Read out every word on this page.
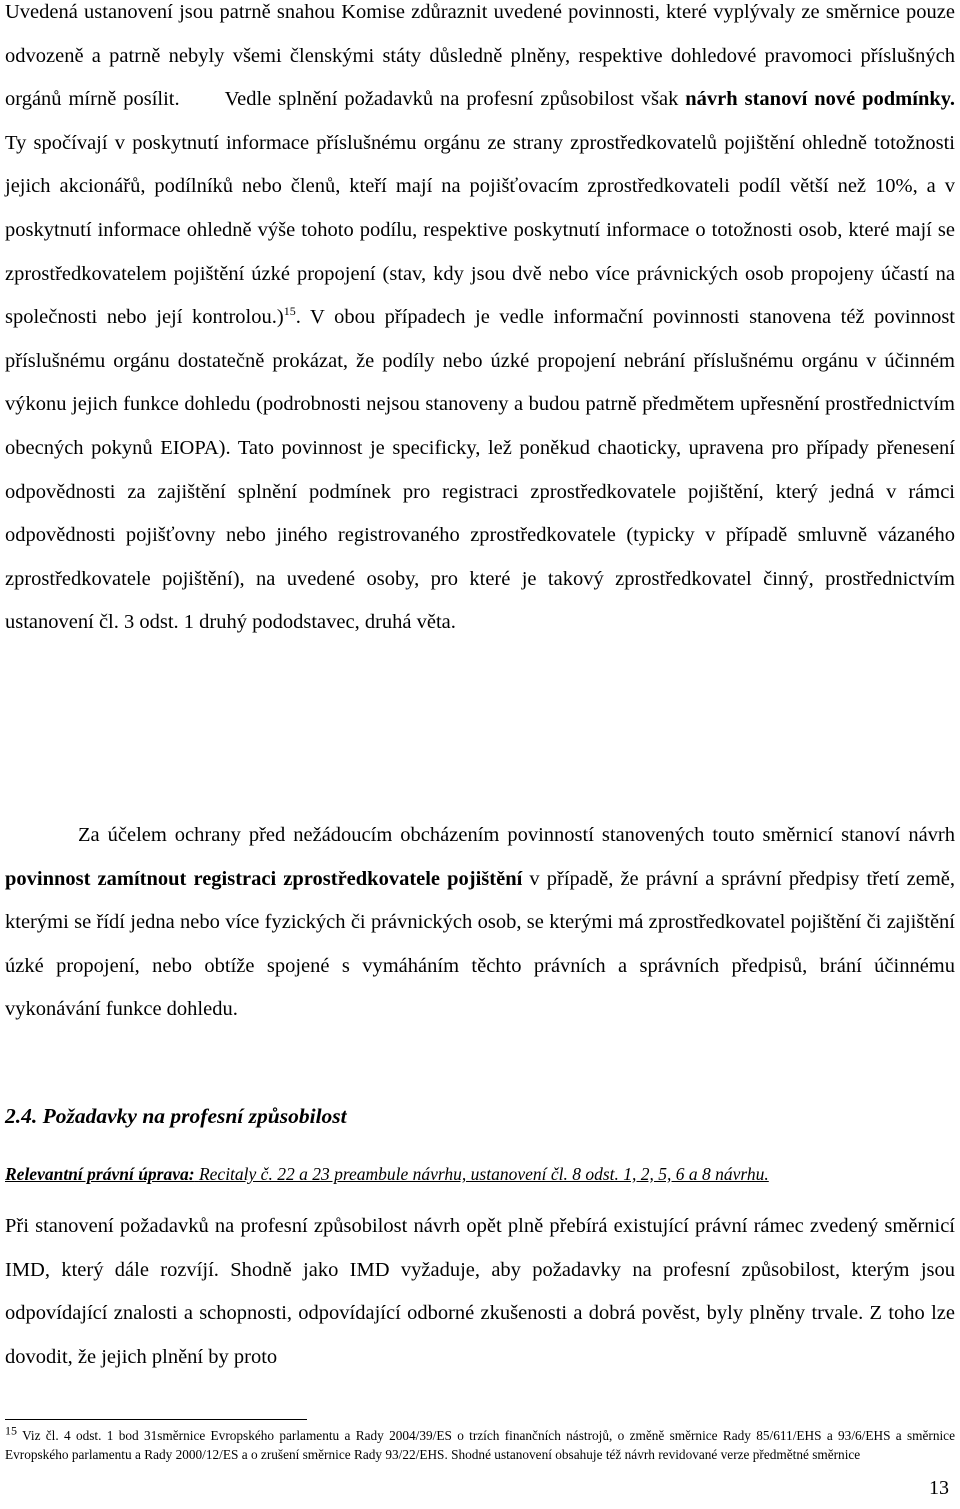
Uvedená ustanovení jsou patrně snahou Komise zdůraznit uvedené povinnosti, které vyplývaly ze směrnice pouze odvozeně a patrně nebyly všemi členskými státy důsledně plněny, respektive dohledové pravomoci příslušných orgánů mírně posílit. Vedle splnění požadavků na profesní způsobilost však návrh stanoví nové podmínky. Ty spočívají v poskytnutí informace příslušnému orgánu ze strany zprostředkovatelů pojištění ohledně totožnosti jejich akcionářů, podílníků nebo členů, kteří mají na pojišťovacím zprostředkovateli podíl větší než 10%, a v poskytnutí informace ohledně výše tohoto podílu, respektive poskytnutí informace o totožnosti osob, které mají se zprostředkovatelem pojištění úzké propojení (stav, kdy jsou dvě nebo více právnických osob propojeny účastí na společnosti nebo její kontrolou.)$^{15}$. V obou případech je vedle informační povinnosti stanovena též povinnost příslušnému orgánu dostatečně prokázat, že podíly nebo úzké propojení nebrání příslušnému orgánu v účinném výkonu jejich funkce dohledu (podrobnosti nejsou stanoveny a budou patrně předmětem upřesnění prostřednictvím obecných pokynů EIOPA). Tato povinnost je specificky, lež poněkud chaoticky, upravena pro případy přenesení odpovědnosti za zajištění splnění podmínek pro registraci zprostředkovatele pojištění, který jedná v rámci odpovědnosti pojišťovny nebo jiného registrovaného zprostředkovatele (typicky v případě smluvně vázaného zprostředkovatele pojištění), na uvedené osoby, pro které je takový zprostředkovatel činný, prostřednictvím ustanovení čl. 3 odst. 1 druhý pododstavec, druhá věta.

Za účelem ochrany před nežádoucím obcházením povinností stanovených touto směrnicí stanoví návrh povinnost zamítnout registraci zprostředkovatele pojištění v případě, že právní a správní předpisy třetí země, kterými se řídí jedna nebo více fyzických či právnických osob, se kterými má zprostředkovatel pojištění či zajištění úzké propojení, nebo obtíže spojené s vymáháním těchto právních a správních předpisů, brání účinnému vykonávání funkce dohledu.

2.4. Požadavky na profesní způsobilost

Relevantní právní úprava: Recitaly č. 22 a 23 preambule návrhu, ustanovení čl. 8 odst. 1, 2, 5, 6 a 8 návrhu.

Při stanovení požadavků na profesní způsobilost návrh opět plně přebírá existující právní rámec zvedený směrnicí IMD, který dále rozvíjí. Shodně jako IMD vyžaduje, aby požadavky na profesní způsobilost, kterým jsou odpovídající znalosti a schopnosti, odpovídající odborné zkušenosti a dobrá pověst, byly plněny trvale. Z toho lze dovodit, že jejich plnění by proto

$^{15}$ Viz čl. 4 odst. 1 bod 31směrnice Evropského parlamentu a Rady 2004/39/ES o trzích finančních nástrojů, o změně směrnice Rady 85/611/EHS a 93/6/EHS a směrnice Evropského parlamentu a Rady 2000/12/ES a o zrušení směrnice Rady 93/22/EHS. Shodné ustanovení obsahuje též návrh revidované verze předmětné směrnice

13
